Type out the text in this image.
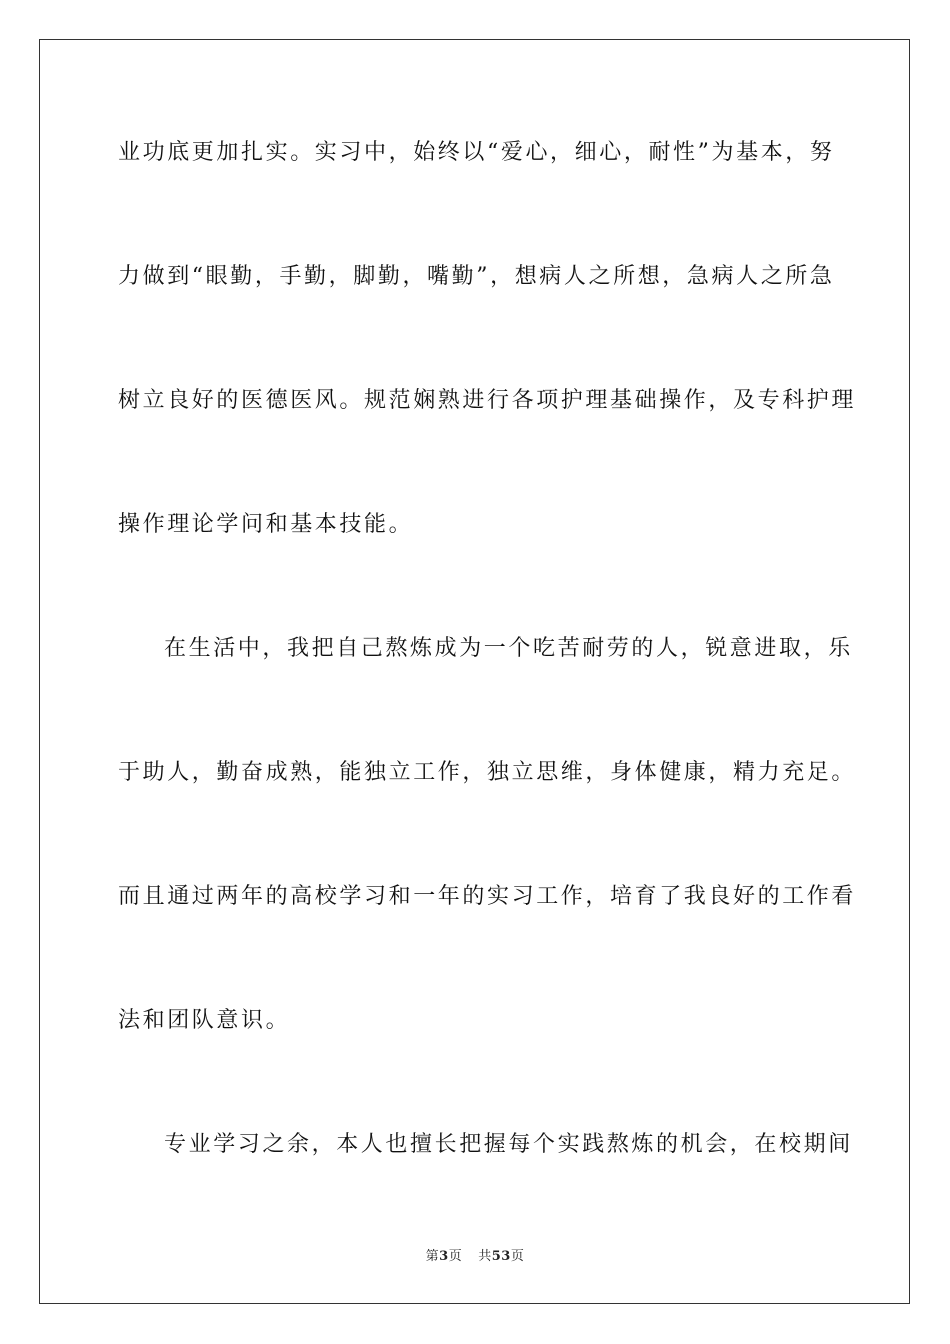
业功底更加扎实。实习中，始终以“爱心，细心，耐性”为基本，努
力做到“眼勤，手勤，脚勤，嘴勤”，想病人之所想，急病人之所急
树立良好的医德医风。规范娴熟进行各项护理基础操作，及专科护理
操作理论学问和基本技能。
在生活中，我把自己熬炼成为一个吃苦耐劳的人，锐意进取，乐
于助人，勤奋成熟，能独立工作，独立思维，身体健康，精力充足。
而且通过两年的高校学习和一年的实习工作，培育了我良好的工作看
法和团队意识。
专业学习之余，本人也擅长把握每个实践熬炼的机会，在校期间
第3页 共53页
